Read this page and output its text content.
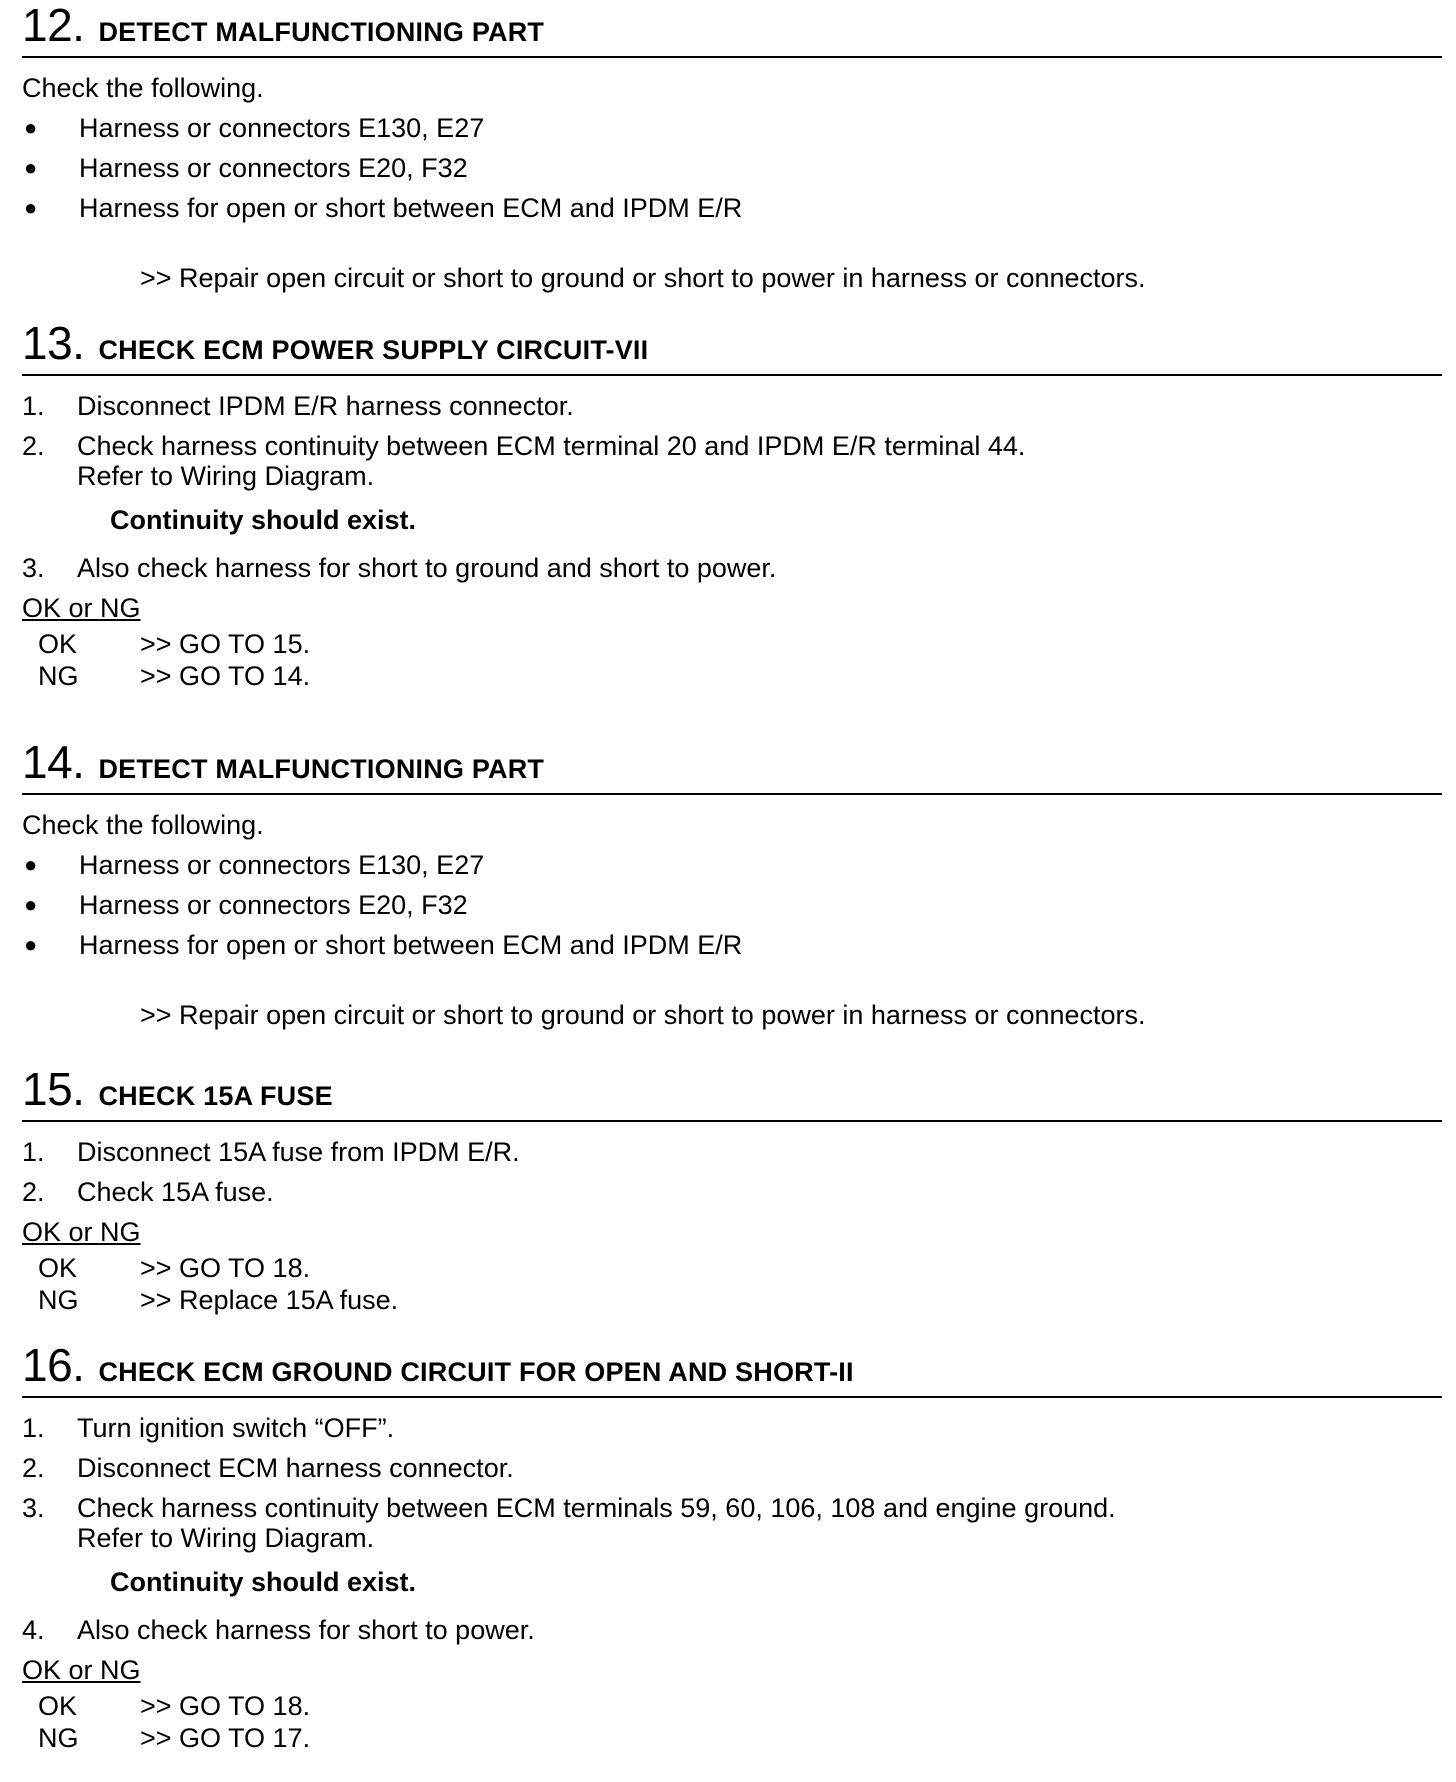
12. DETECT MALFUNCTIONING PART
Check the following.
●	Harness or connectors E130, E27
●	Harness or connectors E20, F32
●	Harness for open or short between ECM and IPDM E/R
>> Repair open circuit or short to ground or short to power in harness or connectors.
13. CHECK ECM POWER SUPPLY CIRCUIT-VII
1.	Disconnect IPDM E/R harness connector.
2.	Check harness continuity between ECM terminal 20 and IPDM E/R terminal 44.
Refer to Wiring Diagram.
Continuity should exist.
3.	Also check harness for short to ground and short to power.
OK or NG
OK	>> GO TO 15.
NG	>> GO TO 14.
14. DETECT MALFUNCTIONING PART
Check the following.
●	Harness or connectors E130, E27
●	Harness or connectors E20, F32
●	Harness for open or short between ECM and IPDM E/R
>> Repair open circuit or short to ground or short to power in harness or connectors.
15. CHECK 15A FUSE
1.	Disconnect 15A fuse from IPDM E/R.
2.	Check 15A fuse.
OK or NG
OK	>> GO TO 18.
NG	>> Replace 15A fuse.
16. CHECK ECM GROUND CIRCUIT FOR OPEN AND SHORT-II
1.	Turn ignition switch “OFF”.
2.	Disconnect ECM harness connector.
3.	Check harness continuity between ECM terminals 59, 60, 106, 108 and engine ground.
Refer to Wiring Diagram.
Continuity should exist.
4.	Also check harness for short to power.
OK or NG
OK	>> GO TO 18.
NG	>> GO TO 17.
